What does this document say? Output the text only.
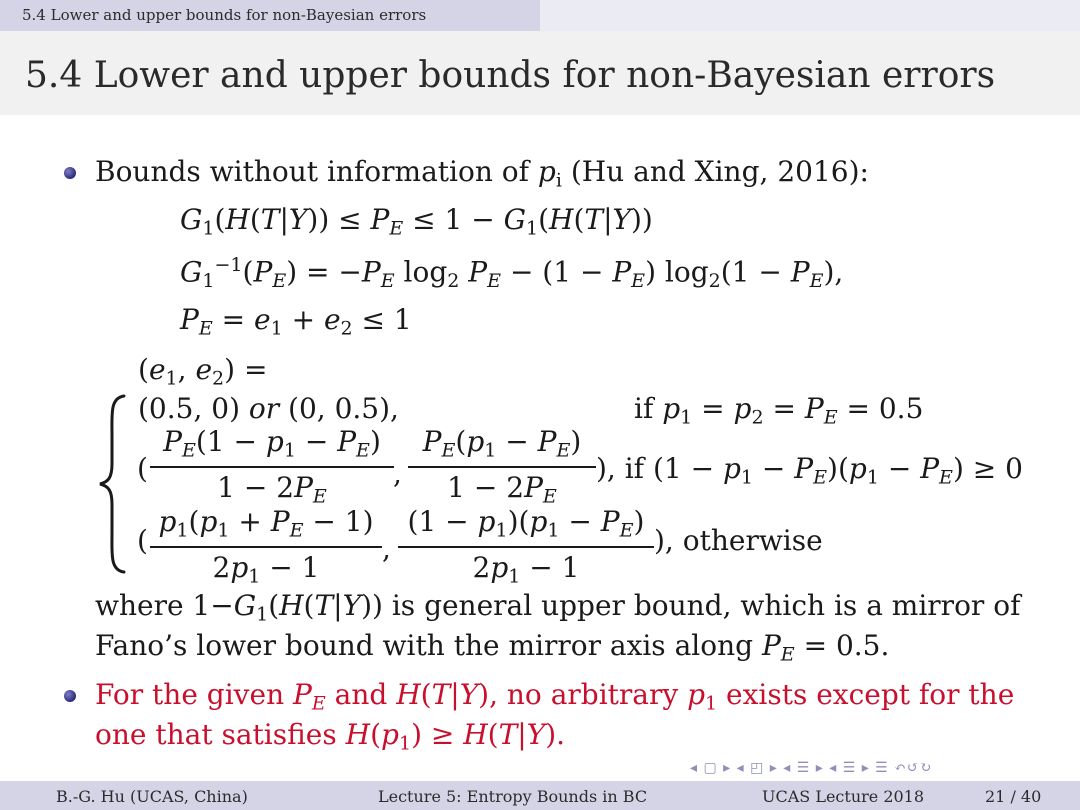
5.4 Lower and upper bounds for non-Bayesian errors
5.4 Lower and upper bounds for non-Bayesian errors
Bounds without information of $p_i$ (Hu and Xing, 2016):
$G_1(H(T|Y)) \le P_E \le 1 - G_1(H(T|Y))$
$G_1^{-1}(P_E) = -P_E$ $\log_2 P_E - (1 - P_E) \log_2(1 - P_E)$,
$P_E = e_1 + e_2 \le 1$
($e_1$, $e_2$) =
(0.5, 0) or (0, 0.5),	if $p_1 = p_2 = P_E = 0.5$
( $\frac{P_E(1 - p_1 - P_E)}{1 - 2P_E}$ , $\frac{P_E(p_1 - P_E)}{1 - 2P_E}$ ), if $(1 - p_1 - P_E)(p_1 - P_E) \ge 0$
( $\frac{p_1(p_1 + P_E - 1)}{2p_1 - 1}$ , $\frac{(1 - p_1)(p_1 - P_E)}{2p_1 - 1}$ ), otherwise
where $1-G_1(H(T|Y))$ is general upper bound, which is a mirror of
Fano’s lower bound with the mirror axis along $P_E = 0.5$.
For the given $P_E$ and H(T|Y), no arbitrary $p_1$ exists except for the
one that satisfies $H(p_1) \ge H(T|Y)$.
◂ ▢ ▸ ◂ ◰ ▸ ◂ ☰ ▸ ◂ ☰ ▸ ☰ ↶↺↻
B.-G. Hu (UCAS, China)	Lecture 5: Entropy Bounds in BC	UCAS Lecture 2018	21 / 40
